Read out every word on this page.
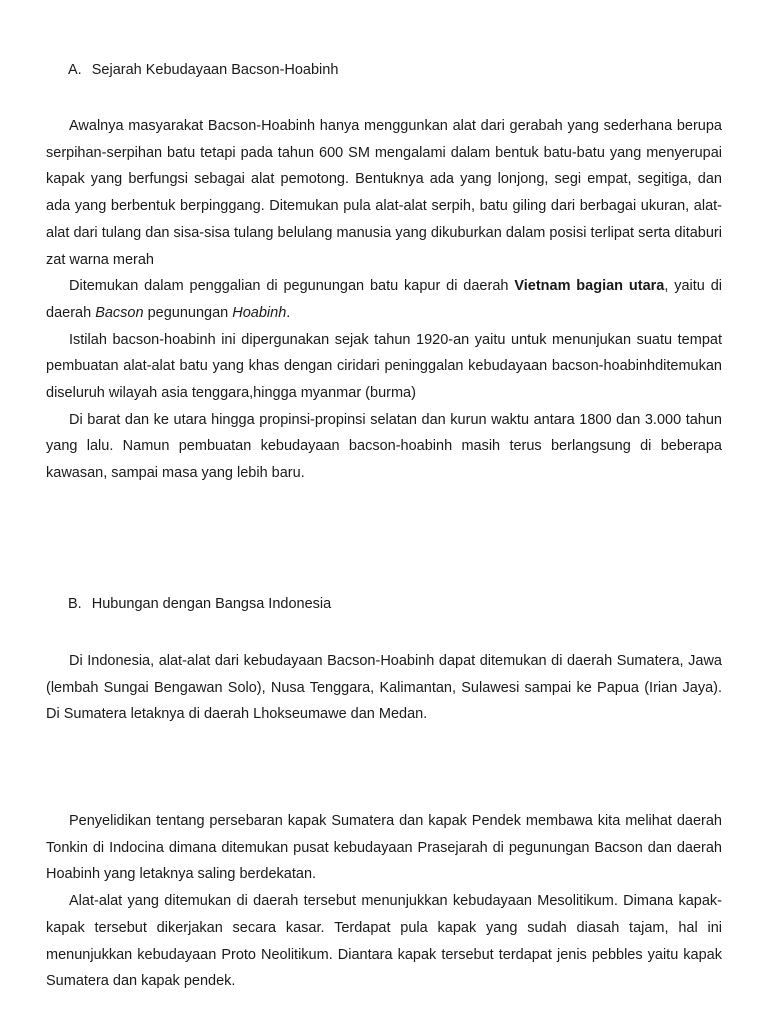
A. Sejarah Kebudayaan Bacson-Hoabinh

Awalnya masyarakat Bacson-Hoabinh hanya menggunkan alat dari gerabah yang sederhana berupa serpihan-serpihan batu tetapi pada tahun 600 SM mengalami dalam bentuk batu-batu yang menyerupai kapak yang berfungsi sebagai alat pemotong. Bentuknya ada yang lonjong, segi empat, segitiga, dan ada yang berbentuk berpinggang. Ditemukan pula alat-alat serpih, batu giling dari berbagai ukuran, alat-alat dari tulang dan sisa-sisa tulang belulang manusia yang dikuburkan dalam posisi terlipat serta ditaburi zat warna merah

Ditemukan dalam penggalian di pegunungan batu kapur di daerah Vietnam bagian utara, yaitu di daerah Bacson pegunungan Hoabinh.

Istilah bacson-hoabinh ini dipergunakan sejak tahun 1920-an yaitu untuk menunjukan suatu tempat pembuatan alat-alat batu yang khas dengan ciridari peninggalan kebudayaan bacson-hoabinhditemukan diseluruh wilayah asia tenggara,hingga myanmar (burma)

Di barat dan ke utara hingga propinsi-propinsi selatan dan kurun waktu antara 1800 dan 3.000 tahun yang lalu. Namun pembuatan kebudayaan bacson-hoabinh masih terus berlangsung di beberapa kawasan, sampai masa yang lebih baru.

B. Hubungan dengan Bangsa Indonesia

Di Indonesia, alat-alat dari kebudayaan Bacson-Hoabinh dapat ditemukan di daerah Sumatera, Jawa (lembah Sungai Bengawan Solo), Nusa Tenggara, Kalimantan, Sulawesi sampai ke Papua (Irian Jaya). Di Sumatera letaknya di daerah Lhokseumawe dan Medan.

Penyelidikan tentang persebaran kapak Sumatera dan kapak Pendek membawa kita melihat daerah Tonkin di Indocina dimana ditemukan pusat kebudayaan Prasejarah di pegunungan Bacson dan daerah Hoabinh yang letaknya saling berdekatan.

Alat-alat yang ditemukan di daerah tersebut menunjukkan kebudayaan Mesolitikum. Dimana kapak-kapak tersebut dikerjakan secara kasar. Terdapat pula kapak yang sudah diasah tajam, hal ini menunjukkan kebudayaan Proto Neolitikum. Diantara kapak tersebut terdapat jenis pebbles yaitu kapak Sumatera dan kapak pendek.
